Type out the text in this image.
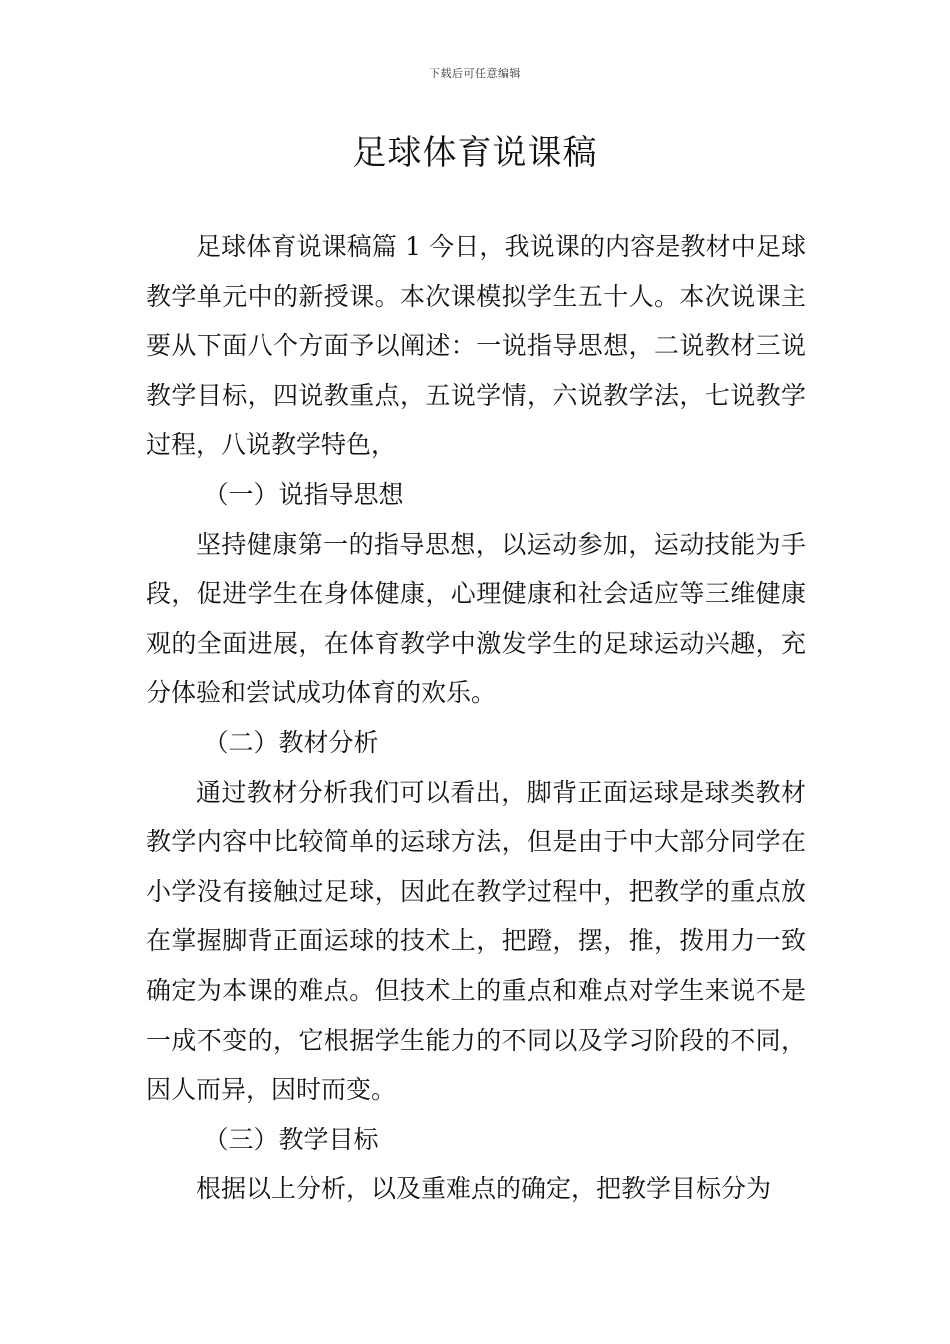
下载后可任意编辑
足球体育说课稿

足球体育说课稿篇 1 今日，我说课的内容是教材中足球教学单元中的新授课。本次课模拟学生五十人。本次说课主要从下面八个方面予以阐述：一说指导思想，二说教材三说教学目标，四说教重点，五说学情，六说教学法，七说教学过程，八说教学特色，

（一）说指导思想

坚持健康第一的指导思想，以运动参加，运动技能为手段，促进学生在身体健康，心理健康和社会适应等三维健康观的全面进展，在体育教学中激发学生的足球运动兴趣，充分体验和尝试成功体育的欢乐。

（二）教材分析

通过教材分析我们可以看出，脚背正面运球是球类教材教学内容中比较简单的运球方法，但是由于中大部分同学在小学没有接触过足球，因此在教学过程中，把教学的重点放在掌握脚背正面运球的技术上，把蹬，摆，推，拨用力一致确定为本课的难点。但技术上的重点和难点对学生来说不是一成不变的，它根据学生能力的不同以及学习阶段的不同，因人而异，因时而变。

（三）教学目标

根据以上分析，以及重难点的确定，把教学目标分为
